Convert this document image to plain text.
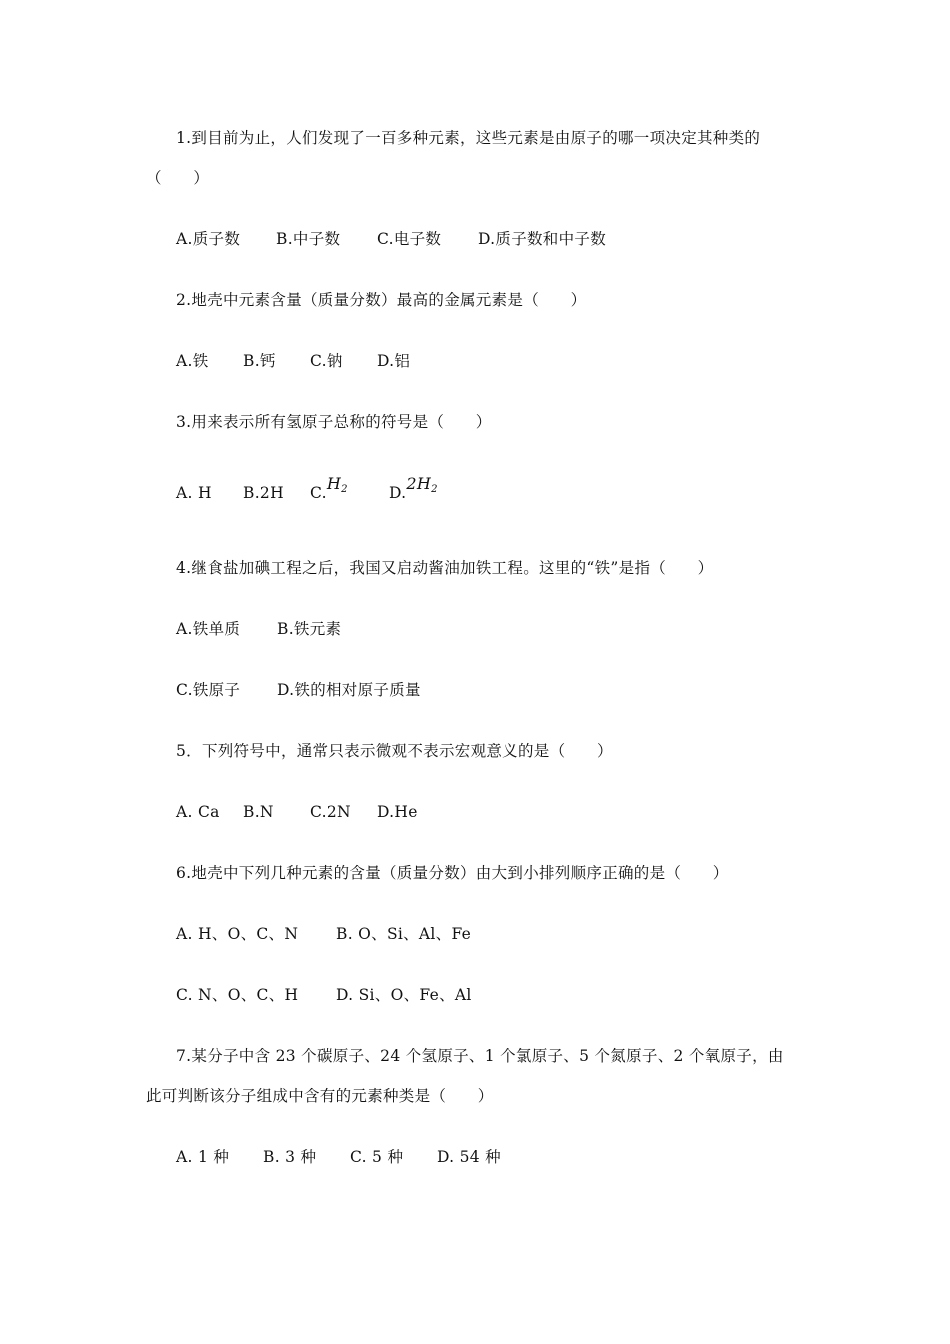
1.到目前为止，人们发现了一百多种元素，这些元素是由原子的哪一项决定其种类的
（　　）
A.质子数 B.中子数 C.电子数 D.质子数和中子数
2.地壳中元素含量（质量分数）最高的金属元素是（　　）
A.铁 B.钙 C.钠 D.铝
3.用来表示所有氢原子总称的符号是（　　）
A. H B.2H $C.H_2$	$D.2H_2$
4.继食盐加碘工程之后，我国又启动酱油加铁工程。这里的“铁”是指（　　）
A.铁单质 B.铁元素
C.铁原子 D.铁的相对原子质量
5．下列符号中，通常只表示微观不表示宏观意义的是（　　）
A. Ca B.N C.2N D.He
6.地壳中下列几种元素的含量（质量分数）由大到小排列顺序正确的是（　　）
A. H、O、C、N B. O、Si、Al、Fe
C. N、O、C、H D. Si、O、Fe、Al
7.某分子中含 23 个碳原子、24 个氢原子、1 个氯原子、5 个氮原子、2 个氧原子，由
此可判断该分子组成中含有的元素种类是（　　）
A. 1 种 B. 3 种 C. 5 种 D. 54 种
